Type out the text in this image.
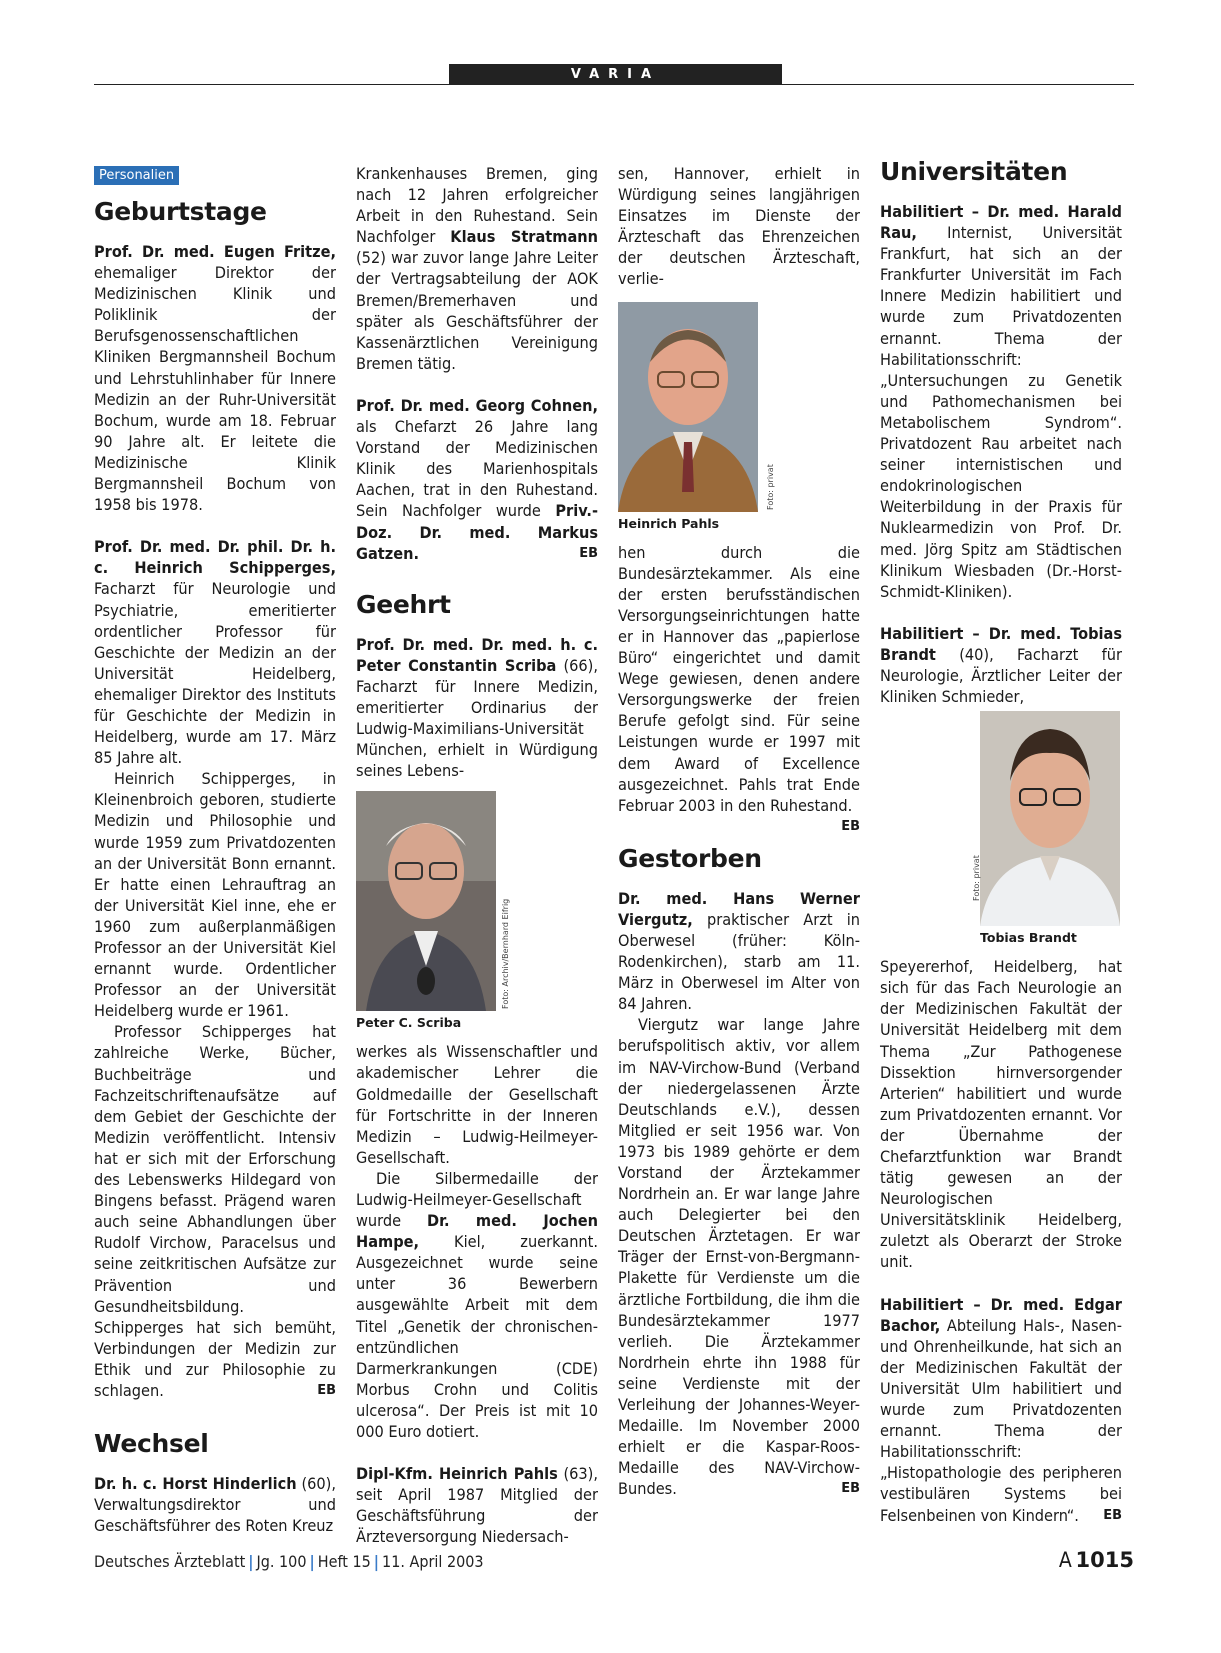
VARIA
Personalien
Geburtstage

Prof. Dr. med. Eugen Fritze, ehemaliger Direktor der Medizinischen Klinik und Poliklinik der Berufsgenossenschaftlichen Kliniken Bergmannsheil Bochum und Lehrstuhlinhaber für Innere Medizin an der Ruhr-Universität Bochum, wurde am 18. Februar 90 Jahre alt. Er leitete die Medizinische Klinik Bergmannsheil Bochum von 1958 bis 1978.

Prof. Dr. med. Dr. phil. Dr. h. c. Heinrich Schipperges, Facharzt für Neurologie und Psychiatrie, emeritierter ordentlicher Professor für Geschichte der Medizin an der Universität Heidelberg, ehemaliger Direktor des Instituts für Geschichte der Medizin in Heidelberg, wurde am 17. März 85 Jahre alt.

Heinrich Schipperges, in Kleinenbroich geboren, studierte Medizin und Philosophie und wurde 1959 zum Privatdozenten an der Universität Bonn ernannt. Er hatte einen Lehrauftrag an der Universität Kiel inne, ehe er 1960 zum außerplanmäßigen Professor an der Universität Kiel ernannt wurde. Ordentlicher Professor an der Universität Heidelberg wurde er 1961.

Professor Schipperges hat zahlreiche Werke, Bücher, Buchbeiträge und Fachzeitschriftenaufsätze auf dem Gebiet der Geschichte der Medizin veröffentlicht. Intensiv hat er sich mit der Erforschung des Lebenswerks Hildegard von Bingens befasst. Prägend waren auch seine Abhandlungen über Rudolf Virchow, Paracelsus und seine zeitkritischen Aufsätze zur Prävention und Gesundheitsbildung. Schipperges hat sich bemüht, Verbindungen der Medizin zur Ethik und zur Philosophie zu schlagen.	EB

Wechsel

Dr. h. c. Horst Hinderlich (60), Verwaltungsdirektor und Geschäftsführer des Roten Kreuz

Krankenhauses Bremen, ging nach 12 Jahren erfolgreicher Arbeit in den Ruhestand. Sein Nachfolger Klaus Stratmann (52) war zuvor lange Jahre Leiter der Vertragsabteilung der AOK Bremen/Bremerhaven und später als Geschäftsführer der Kassenärztlichen Vereinigung Bremen tätig.

Prof. Dr. med. Georg Cohnen, als Chefarzt 26 Jahre lang Vorstand der Medizinischen Klinik des Marienhospitals Aachen, trat in den Ruhestand. Sein Nachfolger wurde Priv.-Doz. Dr. med. Markus Gatzen.	EB

Geehrt

Prof. Dr. med. Dr. med. h. c. Peter Constantin Scriba (66), Facharzt für Innere Medizin, emeritierter Ordinarius der Ludwig-Maximilians-Universität München, erhielt in Würdigung seines Lebens-

Foto: Archiv/Bernhard Eifrig
Peter C. Scriba

werkes als Wissenschaftler und akademischer Lehrer die Goldmedaille der Gesellschaft für Fortschritte in der Inneren Medizin – Ludwig-Heilmeyer-Gesellschaft.

Die Silbermedaille der Ludwig-Heilmeyer-Gesellschaft wurde Dr. med. Jochen Hampe, Kiel, zuerkannt. Ausgezeichnet wurde seine unter 36 Bewerbern ausgewählte Arbeit mit dem Titel „Genetik der chronischen-entzündlichen Darmerkrankungen (CDE) Morbus Crohn und Colitis ulcerosa“. Der Preis ist mit 10 000 Euro dotiert.

Dipl-Kfm. Heinrich Pahls (63), seit April 1987 Mitglied der Geschäftsführung der Ärzteversorgung Niedersach-

sen, Hannover, erhielt in Würdigung seines langjährigen Einsatzes im Dienste der Ärzteschaft das Ehrenzeichen der deutschen Ärzteschaft, verlie-

Foto: privat
Heinrich Pahls

hen durch die Bundesärztekammer. Als eine der ersten berufsständischen Versorgungseinrichtungen hatte er in Hannover das „papierlose Büro“ eingerichtet und damit Wege gewiesen, denen andere Versorgungswerke der freien Berufe gefolgt sind. Für seine Leistungen wurde er 1997 mit dem Award of Excellence ausgezeichnet. Pahls trat Ende Februar 2003 in den Ruhestand.
EB

Gestorben

Dr. med. Hans Werner Viergutz, praktischer Arzt in Oberwesel (früher: Köln-Rodenkirchen), starb am 11. März in Oberwesel im Alter von 84 Jahren.

Viergutz war lange Jahre berufspolitisch aktiv, vor allem im NAV-Virchow-Bund (Verband der niedergelassenen Ärzte Deutschlands e.V.), dessen Mitglied er seit 1956 war. Von 1973 bis 1989 gehörte er dem Vorstand der Ärztekammer Nordrhein an. Er war lange Jahre auch Delegierter bei den Deutschen Ärztetagen. Er war Träger der Ernst-von-Bergmann-Plakette für Verdienste um die ärztliche Fortbildung, die ihm die Bundesärztekammer 1977 verlieh. Die Ärztekammer Nordrhein ehrte ihn 1988 für seine Verdienste mit der Verleihung der Johannes-Weyer-Medaille. Im November 2000 erhielt er die Kaspar-Roos-Medaille des NAV-Virchow-Bundes.	EB

Universitäten

Habilitiert – Dr. med. Harald Rau, Internist, Universität Frankfurt, hat sich an der Frankfurter Universität im Fach Innere Medizin habilitiert und wurde zum Privatdozenten ernannt. Thema der Habilitationsschrift: „Untersuchungen zu Genetik und Pathomechanismen bei Metabolischem Syndrom“. Privatdozent Rau arbeitet nach seiner internistischen und endokrinologischen Weiterbildung in der Praxis für Nuklearmedizin von Prof. Dr. med. Jörg Spitz am Städtischen Klinikum Wiesbaden (Dr.-Horst-Schmidt-Kliniken).

Habilitiert – Dr. med. Tobias Brandt (40), Facharzt für Neurologie, Ärztlicher Leiter der Kliniken Schmieder,

Foto: privat
Tobias Brandt

Speyererhof, Heidelberg, hat sich für das Fach Neurologie an der Medizinischen Fakultät der Universität Heidelberg mit dem Thema „Zur Pathogenese Dissektion hirnversorgender Arterien“ habilitiert und wurde zum Privatdozenten ernannt. Vor der Übernahme der Chefarztfunktion war Brandt tätig gewesen an der Neurologischen Universitätsklinik Heidelberg, zuletzt als Oberarzt der Stroke unit.

Habilitiert – Dr. med. Edgar Bachor, Abteilung Hals-, Nasen- und Ohrenheilkunde, hat sich an der Medizinischen Fakultät der Universität Ulm habilitiert und wurde zum Privatdozenten ernannt. Thema der Habilitationsschrift: „Histopathologie des peripheren vestibulären Systems bei Felsenbeinen von Kindern“. EB

Deutsches Ärzteblatt | Jg. 100 | Heft 15 | 11. April 2003	A  1015
